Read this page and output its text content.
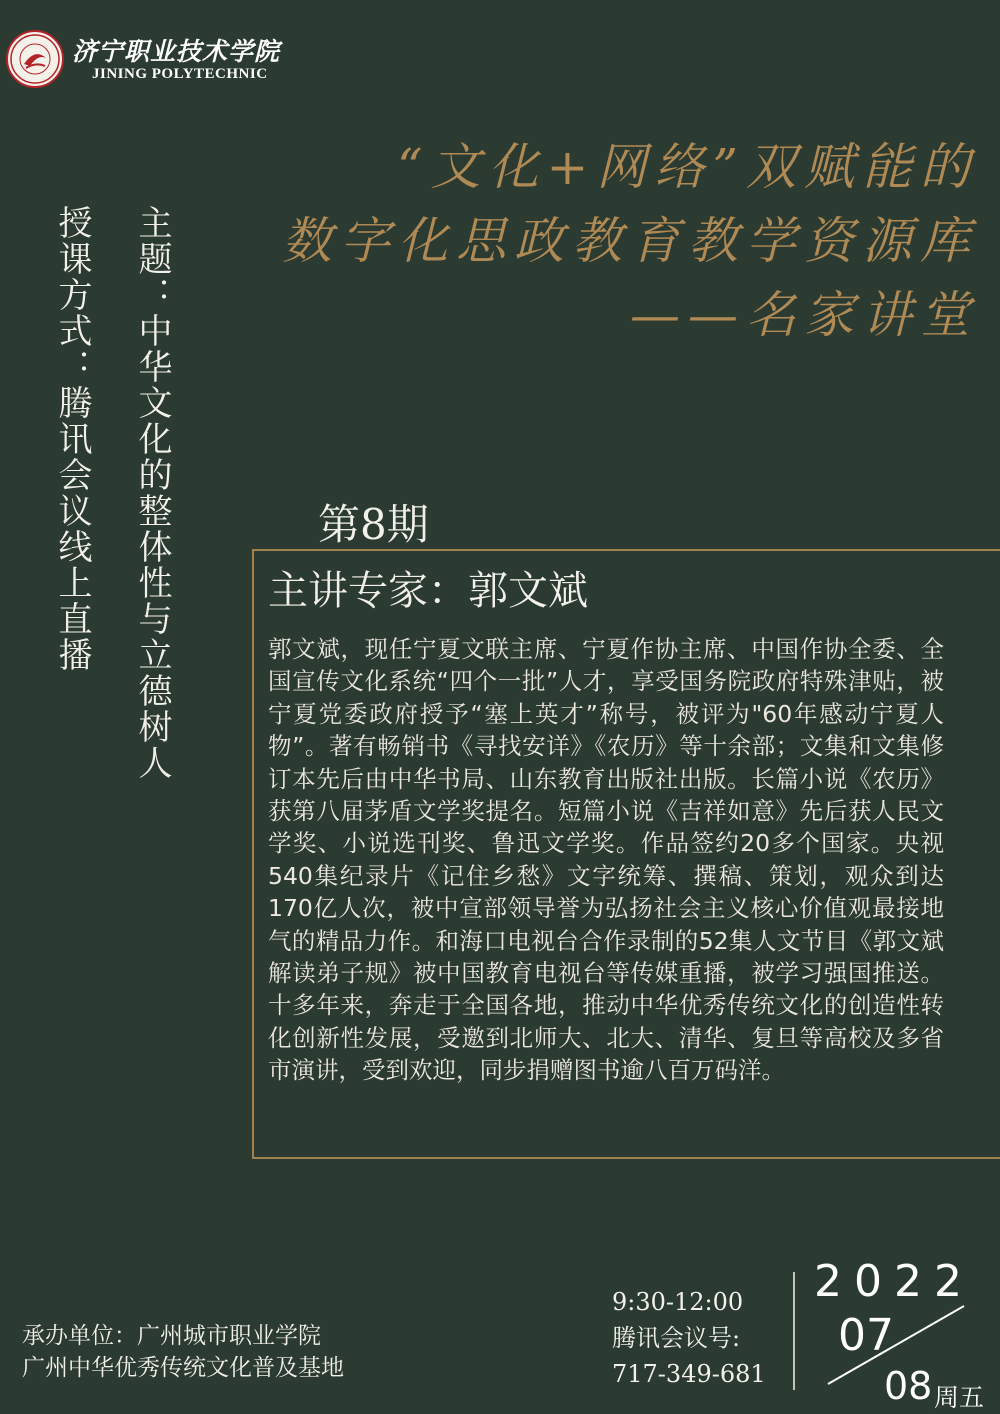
济宁职业技术学院
JINING POLYTECHNIC
“文化+网络”双赋能的
数字化思政教育教学资源库
——名家讲堂
主题：中华文化的整体性与立德树人
授课方式：腾讯会议线上直播	第8期
主讲专家：郭文斌

郭文斌，现任宁夏文联主席、宁夏作协主席、中国作协全委、全国宣传文化系统“四个一批”人才，享受国务院政府特殊津贴，被宁夏党委政府授予“塞上英才”称号，被评为"60年感动宁夏人物”。著有畅销书《寻找安详》《农历》等十余部；文集和文集修订本先后由中华书局、山东教育出版社出版。长篇小说《农历》获第八届茅盾文学奖提名。短篇小说《吉祥如意》先后获人民文学奖、小说选刊奖、鲁迅文学奖。作品签约20多个国家。央视540集纪录片《记住乡愁》文字统筹、撰稿、策划，观众到达170亿人次，被中宣部领导誉为弘扬社会主义核心价值观最接地气的精品力作。和海口电视台合作录制的52集人文节目《郭文斌解读弟子规》被中国教育电视台等传媒重播，被学习强国推送。十多年来，奔走于全国各地，推动中华优秀传统文化的创造性转化创新性发展，受邀到北师大、北大、清华、复旦等高校及多省市演讲，受到欢迎，同步捐赠图书逾八百万码洋。

承办单位：广州城市职业学院
广州中华优秀传统文化普及基地
9:30-12:00
腾讯会议号:
717-349-681
2022
07
08 周五
